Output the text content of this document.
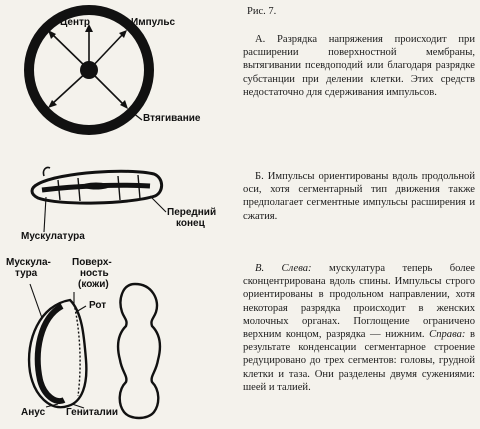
Центр	Импульс
Втягивание
Передний
конец
Мускулатура
Мускула-
тура
Поверх-
ность
(кожи)
Рот
Анус Гениталии
Рис. 7.

А. Разрядка напряжения происходит при расширении поверхностной мембраны, вытягивании псевдоподий или благодаря разрядке субстанции при делении клетки. Этих средств недостаточно для сдерживания импульсов.

Б. Импульсы ориентированы вдоль продольной оси, хотя сегментарный тип движения также предполагает сегментные импульсы расширения и сжатия.

В. Слева: мускулатура теперь более сконцентрирована вдоль спины. Импульсы строго ориентированы в продольном направлении, хотя некоторая разрядка происходит в женских молочных органах. Поглощение ограничено верхним концом, разрядка — нижним. Справа: в результате конденсации сегментарное строение редуцировано до трех сегментов: головы, грудной клетки и таза. Они разделены двумя сужениями: шеей и талией.
